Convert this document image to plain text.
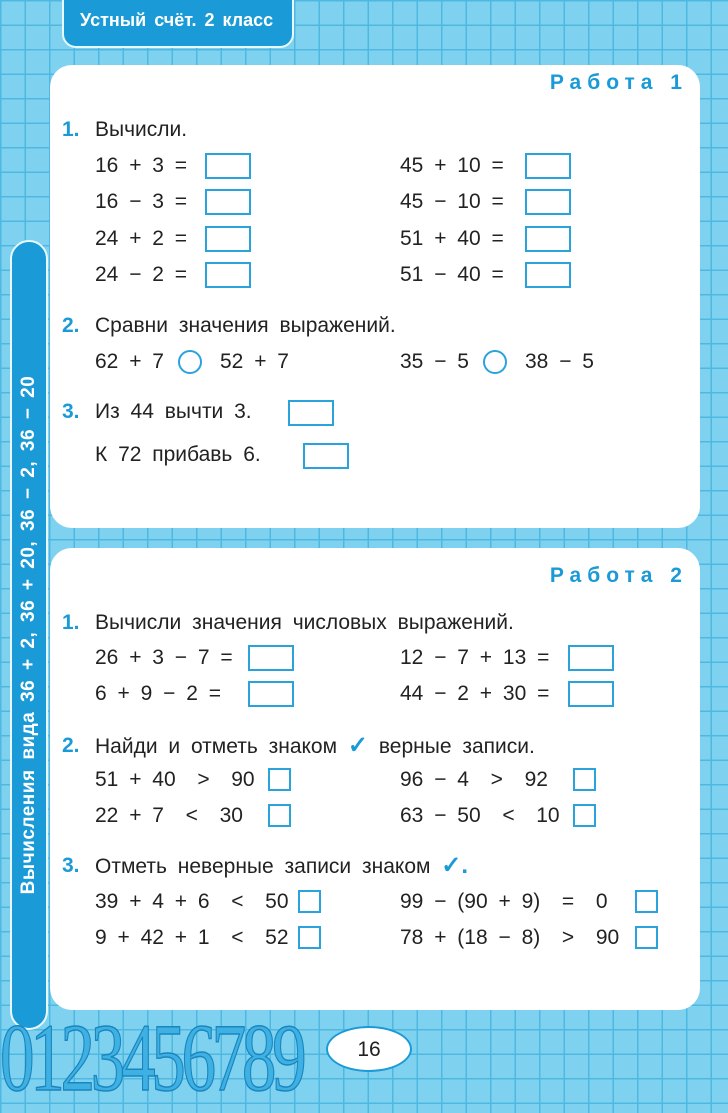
Устный счёт. 2 класс
Вычисления вида 36 + 2, 36 + 20, 36 − 2, 36 − 20
Работа 1
1. Вычисли.
16 + 3 =
16 − 3 =
24 + 2 =
24 − 2 =
45 + 10 =
45 − 10 =
51 + 40 =
51 − 40 =
2. Сравни значения выражений.
62 + 7	52 + 7	35 − 5	38 − 5
3. Из 44 вычти 3.
К 72 прибавь 6.
Работа 2
1. Вычисли значения числовых выражений.
26 + 3 − 7 =
6 + 9 − 2 =
12 − 7 + 13 =
44 − 2 + 30 =
2. Найди и отметь знаком ✓ верные записи.
51 + 40  >  90
22 + 7  <  30
96 − 4  >  92
63 − 50  <  10
3. Отметь неверные записи знаком ✓.
39 + 4 + 6  <  50
9 + 42 + 1  <  52
99 − (90 + 9)  =  0
78 + (18 − 8)  >  90
0123456789	16
